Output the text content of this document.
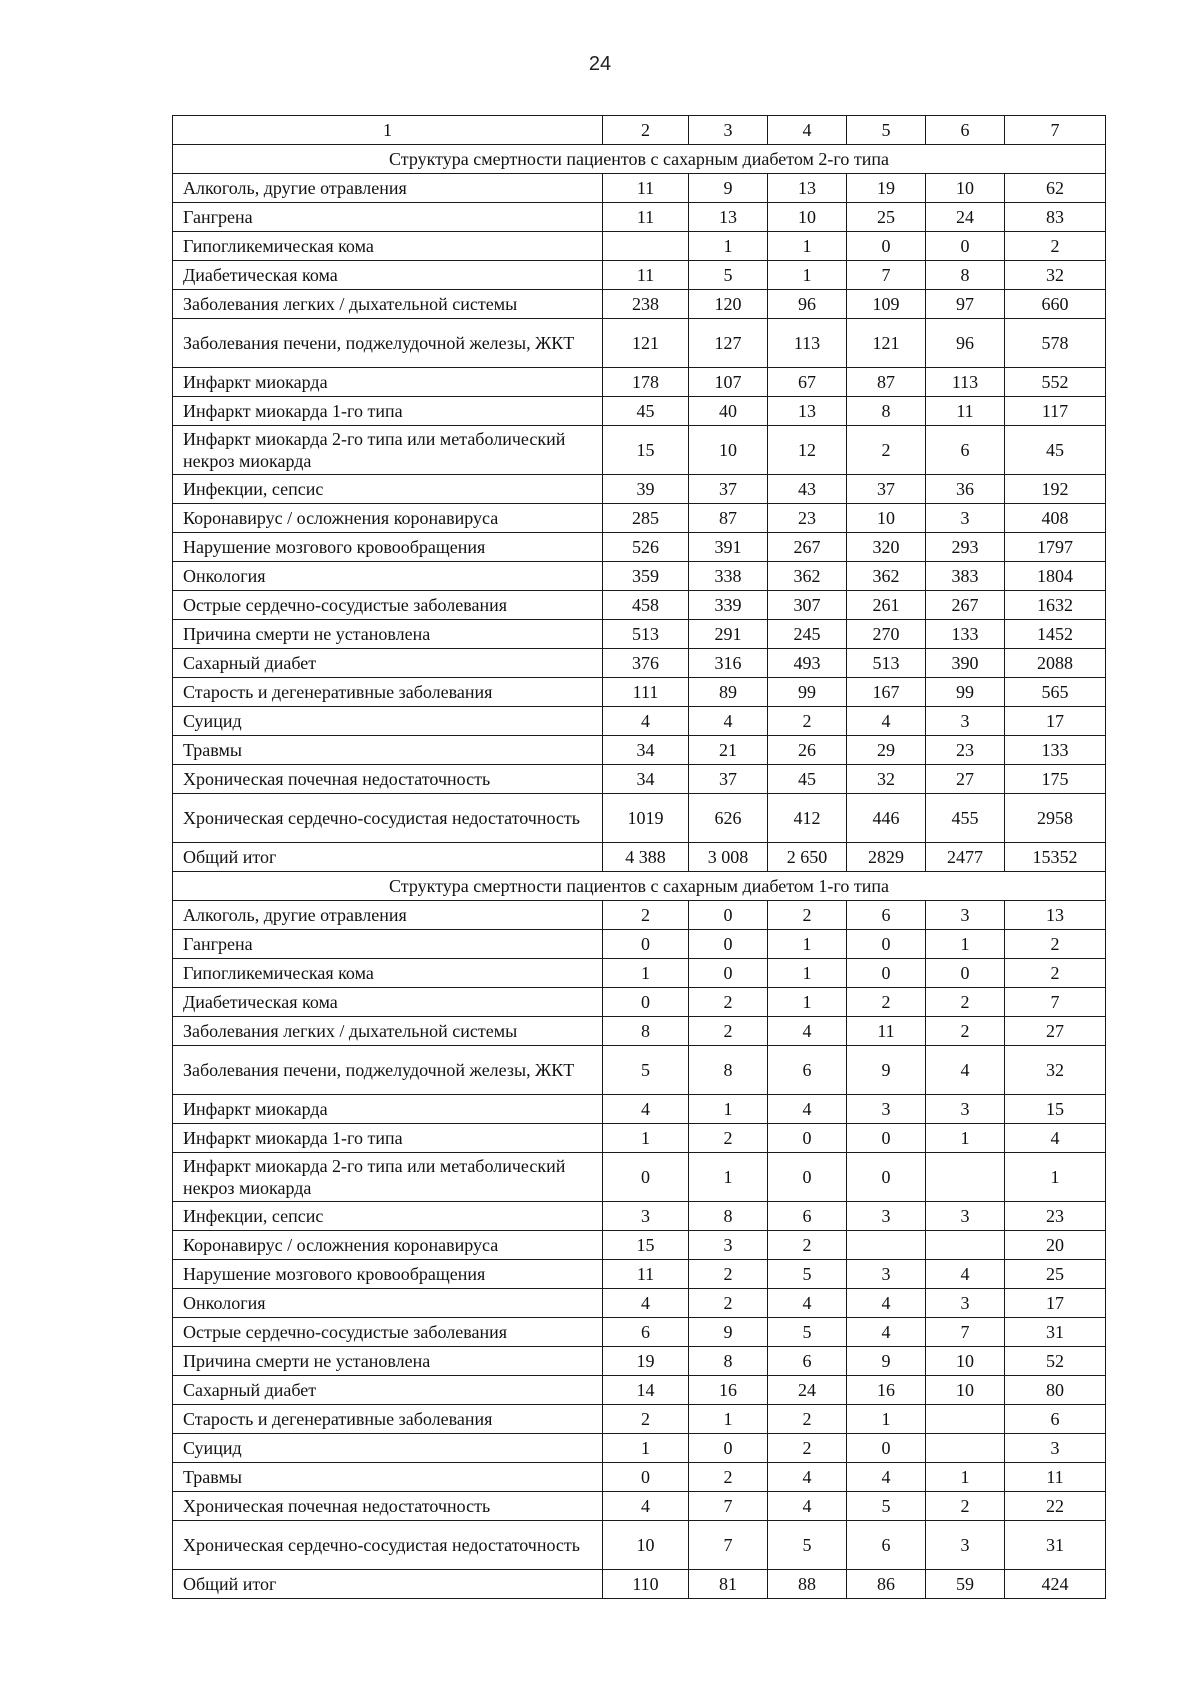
24
1	2	3	4	5	6	7
Структура смертности пациентов с сахарным диабетом 2-го типа						
Алкоголь, другие отравления	11	9	13	19	10	62
Гангрена	11	13	10	25	24	83
Гипогликемическая кома		1	1	0	0	2
Диабетическая кома	11	5	1	7	8	32
Заболевания легких / дыхательной системы	238	120	96	109	97	660
Заболевания печени, поджелудочной железы, ЖКТ	121	127	113	121	96	578
Инфаркт миокарда	178	107	67	87	113	552
Инфаркт миокарда 1-го типа	45	40	13	8	11	117
Инфаркт миокарда 2-го типа или метаболический некроз миокарда	15	10	12	2	6	45
Инфекции, сепсис	39	37	43	37	36	192
Коронавирус / осложнения коронавируса	285	87	23	10	3	408
Нарушение мозгового кровообращения	526	391	267	320	293	1797
Онкология	359	338	362	362	383	1804
Острые сердечно-сосудистые заболевания	458	339	307	261	267	1632
Причина смерти не установлена	513	291	245	270	133	1452
Сахарный диабет	376	316	493	513	390	2088
Старость и дегенеративные заболевания	111	89	99	167	99	565
Суицид	4	4	2	4	3	17
Травмы	34	21	26	29	23	133
Хроническая почечная недостаточность	34	37	45	32	27	175
Хроническая сердечно-сосудистая недостаточность	1019	626	412	446	455	2958
Общий итог	4 388	3 008	2 650	2829	2477	15352
Структура смертности пациентов с сахарным диабетом 1-го типа						
Алкоголь, другие отравления	2	0	2	6	3	13
Гангрена	0	0	1	0	1	2
Гипогликемическая кома	1	0	1	0	0	2
Диабетическая кома	0	2	1	2	2	7
Заболевания легких / дыхательной системы	8	2	4	11	2	27
Заболевания печени, поджелудочной железы, ЖКТ	5	8	6	9	4	32
Инфаркт миокарда	4	1	4	3	3	15
Инфаркт миокарда 1-го типа	1	2	0	0	1	4
Инфаркт миокарда 2-го типа или метаболический некроз миокарда	0	1	0	0		1
Инфекции, сепсис	3	8	6	3	3	23
Коронавирус / осложнения коронавируса	15	3	2			20
Нарушение мозгового кровообращения	11	2	5	3	4	25
Онкология	4	2	4	4	3	17
Острые сердечно-сосудистые заболевания	6	9	5	4	7	31
Причина смерти не установлена	19	8	6	9	10	52
Сахарный диабет	14	16	24	16	10	80
Старость и дегенеративные заболевания	2	1	2	1		6
Суицид	1	0	2	0		3
Травмы	0	2	4	4	1	11
Хроническая почечная недостаточность	4	7	4	5	2	22
Хроническая сердечно-сосудистая недостаточность	10	7	5	6	3	31
Общий итог	110	81	88	86	59	424
